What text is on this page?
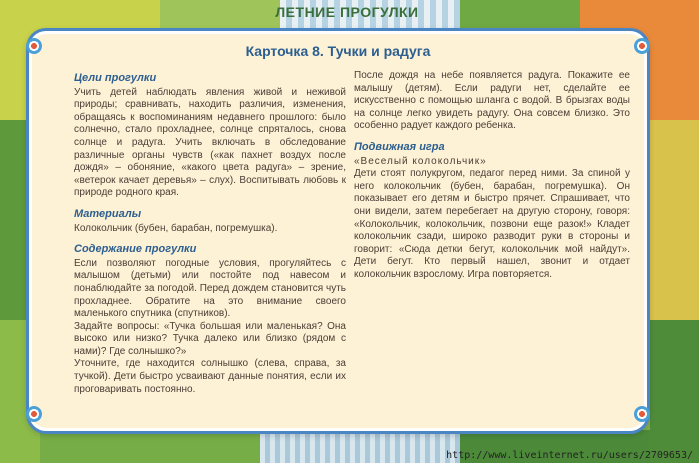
ЛЕТНИЕ ПРОГУЛКИ
Карточка 8. Тучки и радуга

Цели прогулки

Учить детей наблюдать явления живой и неживой природы; сравнивать, находить различия, изменения, обращаясь к воспоминаниям недавнего прошлого: было солнечно, стало прохладнее, солнце спряталось, снова солнце и радуга. Учить включать в обследование различные органы чувств («как пахнет воздух после дождя» – обоняние, «какого цвета радуга» – зрение, «ветерок качает деревья» – слух). Воспитывать любовь к природе родного края.

Материалы

Колокольчик (бубен, барабан, погремушка).

Содержание прогулки

Если позволяют погодные условия, прогуляйтесь с малышом (детьми) или постойте под навесом и понаблюдайте за погодой. Перед дождем становится чуть прохладнее. Обратите на это внимание своего маленького спутника (спутников).

Задайте вопросы: «Тучка большая или маленькая? Она высоко или низко? Тучка далеко или близко (рядом с нами)? Где солнышко?»

Уточните, где находится солнышко (слева, справа, за тучкой). Дети быстро усваивают данные понятия, если их проговаривать постоянно.

После дождя на небе появляется радуга. Покажите ее малышу (детям). Если радуги нет, сделайте ее искусственно с помощью шланга с водой. В брызгах воды на солнце легко увидеть радугу. Она совсем близко. Это особенно радует каждого ребенка.

Подвижная игра

«Веселый колокольчик»

Дети стоят полукругом, педагог перед ними. За спиной у него колокольчик (бубен, барабан, погремушка). Он показывает его детям и быстро прячет. Спрашивает, что они видели, затем перебегает на другую сторону, говоря: «Колокольчик, колокольчик, позвони еще разок!» Кладет колокольчик сзади, широко разводит руки в стороны и говорит: «Сюда детки бегут, колокольчик мой найдут». Дети бегут. Кто первый нашел, звонит и отдает колокольчик взрослому. Игра повторяется.

http://www.liveinternet.ru/users/2709653/
